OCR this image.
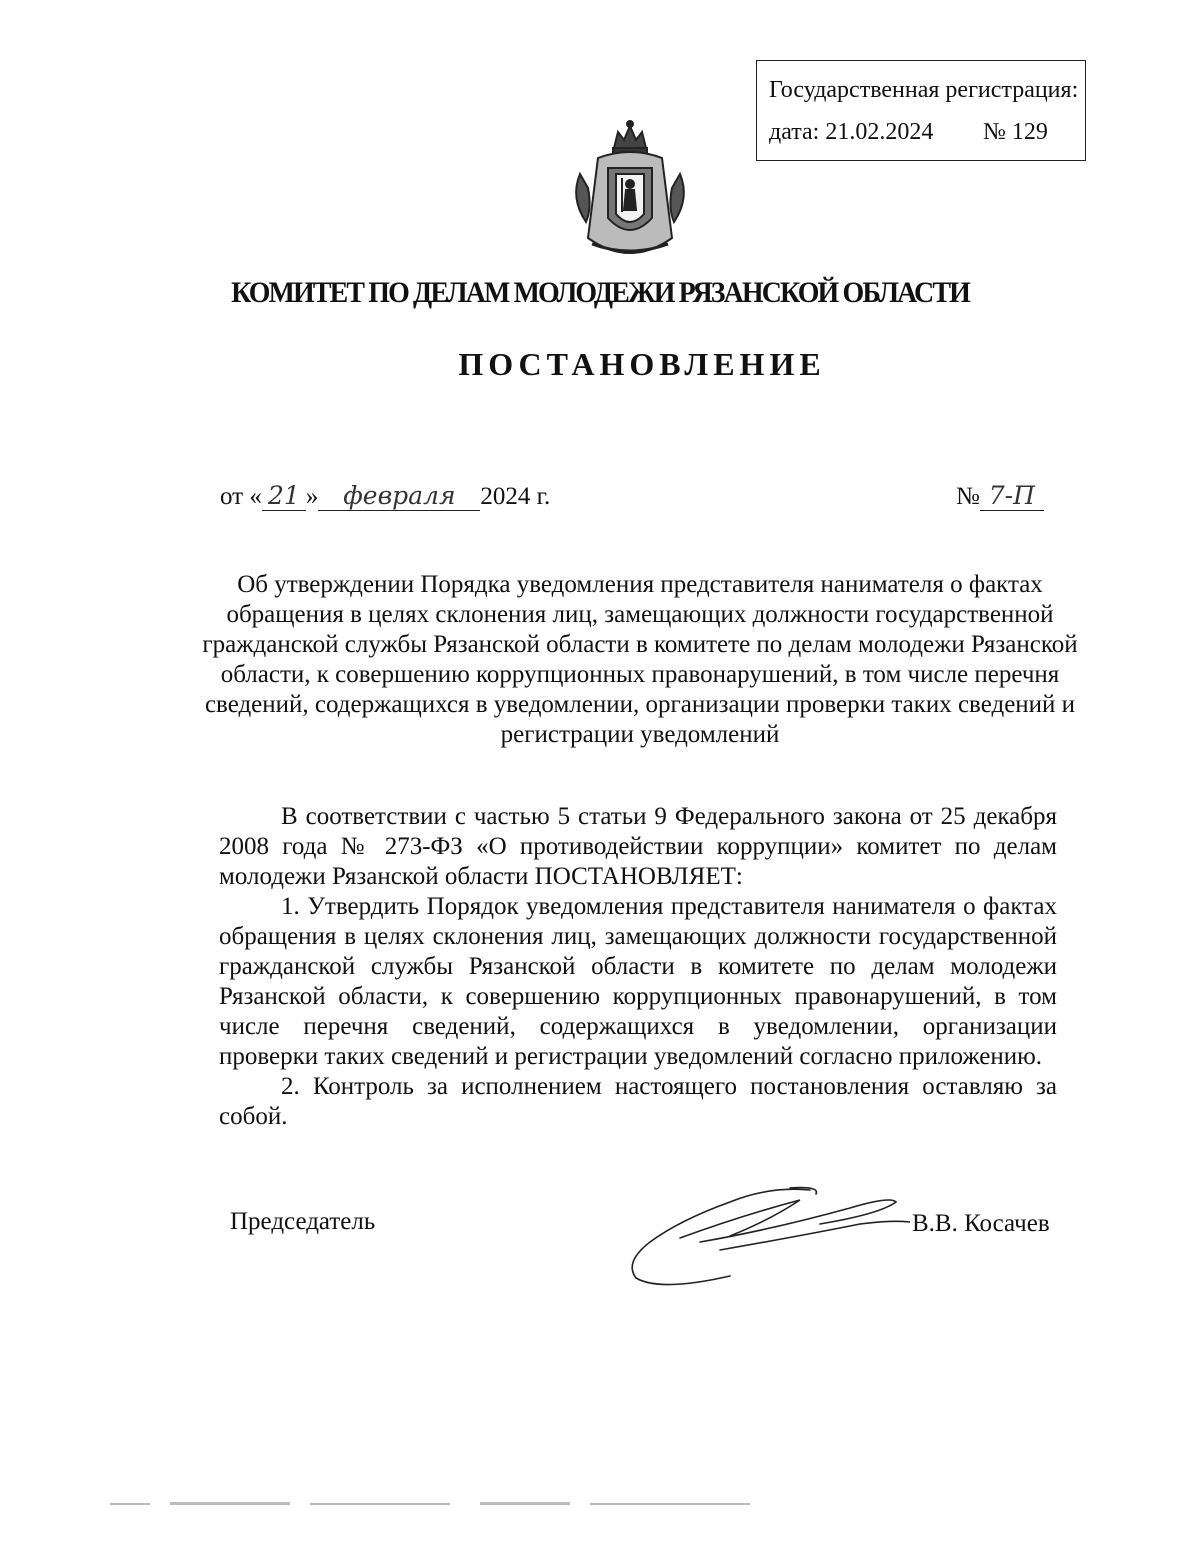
Государственная регистрация:
дата: 21.02.2024 № 129
КОМИТЕТ ПО ДЕЛАМ МОЛОДЕЖИ РЯЗАНСКОЙ ОБЛАСТИ
ПОСТАНОВЛЕНИЕ
от « 21 » февраля 2024 г.	№ 7-П
Об утверждении Порядка уведомления представителя нанимателя о фактах обращения в целях склонения лиц, замещающих должности государственной гражданской службы Рязанской области в комитете по делам молодежи Рязанской области, к совершению коррупционных правонарушений, в том числе перечня сведений, содержащихся в уведомлении, организации проверки таких сведений и регистрации уведомлений

В соответствии с частью 5 статьи 9 Федерального закона от 25 декабря 2008 года № 273-ФЗ «О противодействии коррупции» комитет по делам молодежи Рязанской области ПОСТАНОВЛЯЕТ:

1. Утвердить Порядок уведомления представителя нанимателя о фактах обращения в целях склонения лиц, замещающих должности государственной гражданской службы Рязанской области в комитете по делам молодежи Рязанской области, к совершению коррупционных правонарушений, в том числе перечня сведений, содержащихся в уведомлении, организации проверки таких сведений и регистрации уведомлений согласно приложению.

2. Контроль за исполнением настоящего постановления оставляю за собой.

Председатель	В.В. Косачев
